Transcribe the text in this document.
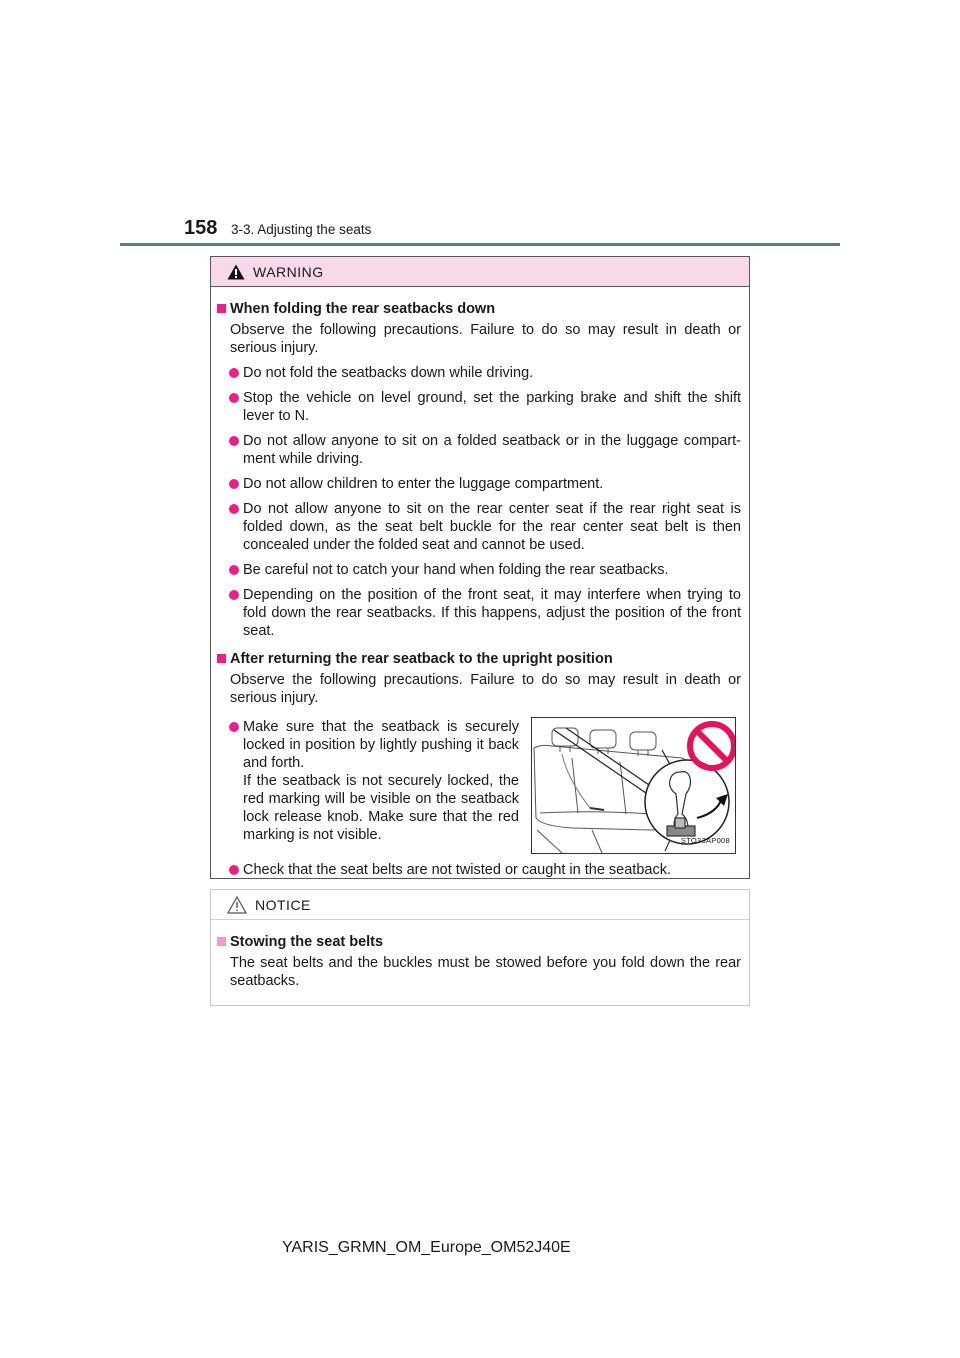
158 3-3. Adjusting the seats
WARNING
When folding the rear seatbacks down
Observe the following precautions. Failure to do so may result in death or serious injury.
Do not fold the seatbacks down while driving.
Stop the vehicle on level ground, set the parking brake and shift the shift lever to N.
Do not allow anyone to sit on a folded seatback or in the luggage compart-ment while driving.
Do not allow children to enter the luggage compartment.
Do not allow anyone to sit on the rear center seat if the rear right seat is folded down, as the seat belt buckle for the rear center seat belt is then concealed under the folded seat and cannot be used.
Be careful not to catch your hand when folding the rear seatbacks.
Depending on the position of the front seat, it may interfere when trying to fold down the rear seatbacks. If this happens, adjust the position of the front seat.
After returning the rear seatback to the upright position
Observe the following precautions. Failure to do so may result in death or serious injury.
Make sure that the seatback is securely locked in position by lightly pushing it back and forth.
If the seatback is not securely locked, the red marking will be visible on the seatback lock release knob. Make sure that the red marking is not visible.	STO33AP008
Check that the seat belts are not twisted or caught in the seatback.
NOTICE
Stowing the seat belts
The seat belts and the buckles must be stowed before you fold down the rear seatbacks.
YARIS_GRMN_OM_Europe_OM52J40E
